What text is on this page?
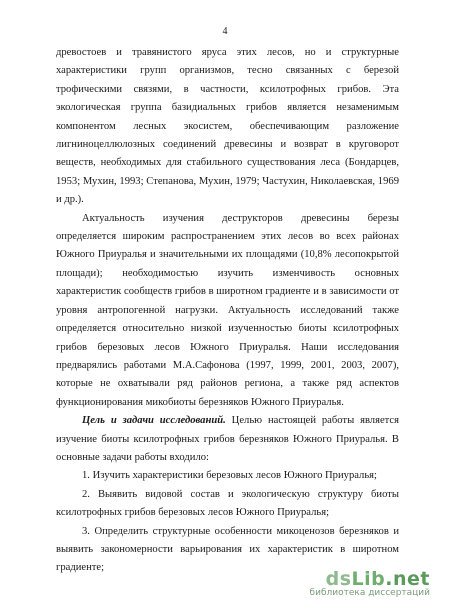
4

древостоев и травянистого яруса этих лесов, но и структурные характеристики групп организмов, тесно связанных с березой трофическими связями, в частности, ксилотрофных грибов. Эта экологическая группа базидиальных грибов является незаменимым компонентом лесных экосистем, обеспечивающим разложение лигниноцеллюлозных соединений древесины и возврат в круговорот веществ, необходимых для стабильного существования леса (Бондарцев, 1953; Мухин, 1993; Степанова, Мухин, 1979; Частухин, Николаевская, 1969 и др.).

Актуальность изучения деструкторов древесины березы определяется широким распространением этих лесов во всех районах Южного Приуралья и значительными их площадями (10,8% лесопокрытой площади); необходимостью изучить изменчивость основных характеристик сообществ грибов в широтном градиенте и в зависимости от уровня антропогенной нагрузки. Актуальность исследований также определяется относительно низкой изученностью биоты ксилотрофных грибов березовых лесов Южного Приуралья. Наши исследования предварялись работами М.А.Сафонова (1997, 1999, 2001, 2003, 2007), которые не охватывали ряд районов региона, а также ряд аспектов функционирования микобиоты березняков Южного Приуралья.

Цель и задачи исследований. Целью настоящей работы является изучение биоты ксилотрофных грибов березняков Южного Приуралья. В основные задачи работы входило:

1. Изучить характеристики березовых лесов Южного Приуралья;

2. Выявить видовой состав и экологическую структуру биоты ксилотрофных грибов березовых лесов Южного Приуралья;

3. Определить структурные особенности микоценозов березняков и выявить закономерности варьирования их характеристик в широтном градиенте;

dsLib.net
библиотека диссертаций
